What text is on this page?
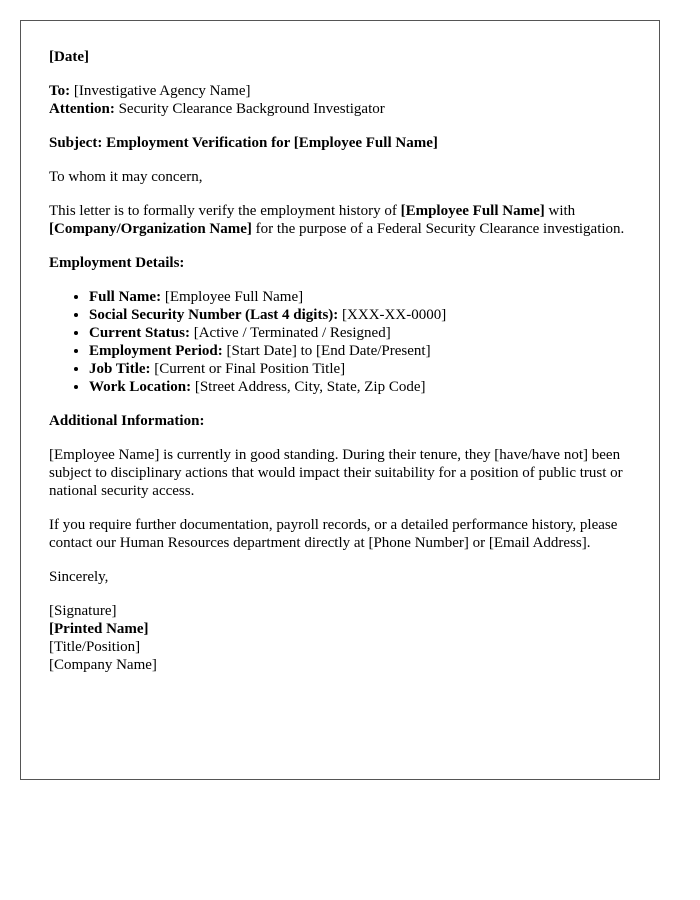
[Date]

To: [Investigative Agency Name]
Attention: Security Clearance Background Investigator

Subject: Employment Verification for [Employee Full Name]

To whom it may concern,

This letter is to formally verify the employment history of [Employee Full Name] with [Company/Organization Name] for the purpose of a Federal Security Clearance investigation.

Employment Details:

• Full Name: [Employee Full Name]
• Social Security Number (Last 4 digits): [XXX-XX-0000]
• Current Status: [Active / Terminated / Resigned]
• Employment Period: [Start Date] to [End Date/Present]
• Job Title: [Current or Final Position Title]
• Work Location: [Street Address, City, State, Zip Code]

Additional Information:

[Employee Name] is currently in good standing. During their tenure, they [have/have not] been subject to disciplinary actions that would impact their suitability for a position of public trust or national security access.

If you require further documentation, payroll records, or a detailed performance history, please contact our Human Resources department directly at [Phone Number] or [Email Address].

Sincerely,

[Signature]
[Printed Name]
[Title/Position]
[Company Name]
